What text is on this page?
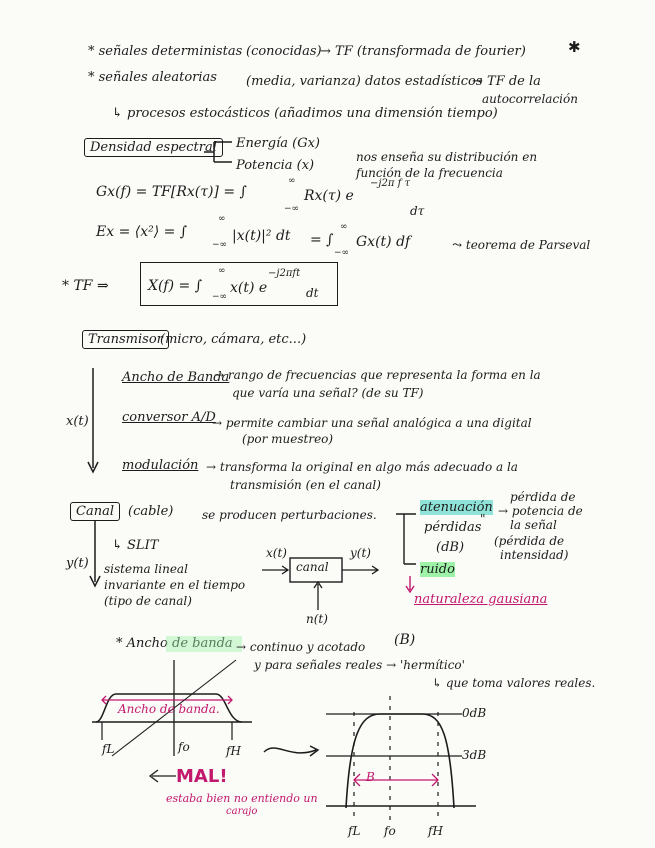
* señales deterministas (conocidas)
→ TF (transformada de fourier)	✱
* señales aleatorias (media, varianza) datos estadísticos
→ TF de la
autocorrelación
↳ procesos estocásticos (añadimos una dimensión tiempo)
Densidad espectral	Energía (Gx)
Potencia (x)
nos enseña su distribución en
función de la frecuencia
Gx(f) = TF[Rx(τ)] = ∫
∞
−∞
Rx(τ) e
−j2π f τ
dτ
Ex = ⟨x²⟩ = ∫
∞
−∞
|x(t)|² dt = ∫
∞
−∞
Gx(t) df	⤳ teorema de Parseval
* TF ⇒	X(f) = ∫
∞
−∞
x(t) e
−j2πft
dt
Transmisor
(micro, cámara, etc...)
x(t)
Ancho de Banda
→ rango de frecuencias que representa la forma en la
que varía una señal? (de su TF)
conversor A/D
→ permite cambiar una señal analógica a una digital
(por muestreo)
modulación → transforma la original en algo más adecuado a la
transmisión (en el canal)
Canal	(cable) se producen perturbaciones.	atenuación
pérdida de
→ potencia de
la señal
pérdidas
"
(dB) (pérdida de
intensidad)
ruido
naturaleza gausiana
y(t)
↳ SLIT
sistema lineal
invariante en el tiempo
(tipo de canal)
x(t)
canal
y(t)
n(t)
* Ancho de banda → continuo y acotado (B)
y para señales reales → 'hermítico'
↳ que toma valores reales.
Ancho de banda.
fL	fo	fH
MAL!
estaba bien no entiendo un
carajo
0dB
3dB
B
fL fo	fH
